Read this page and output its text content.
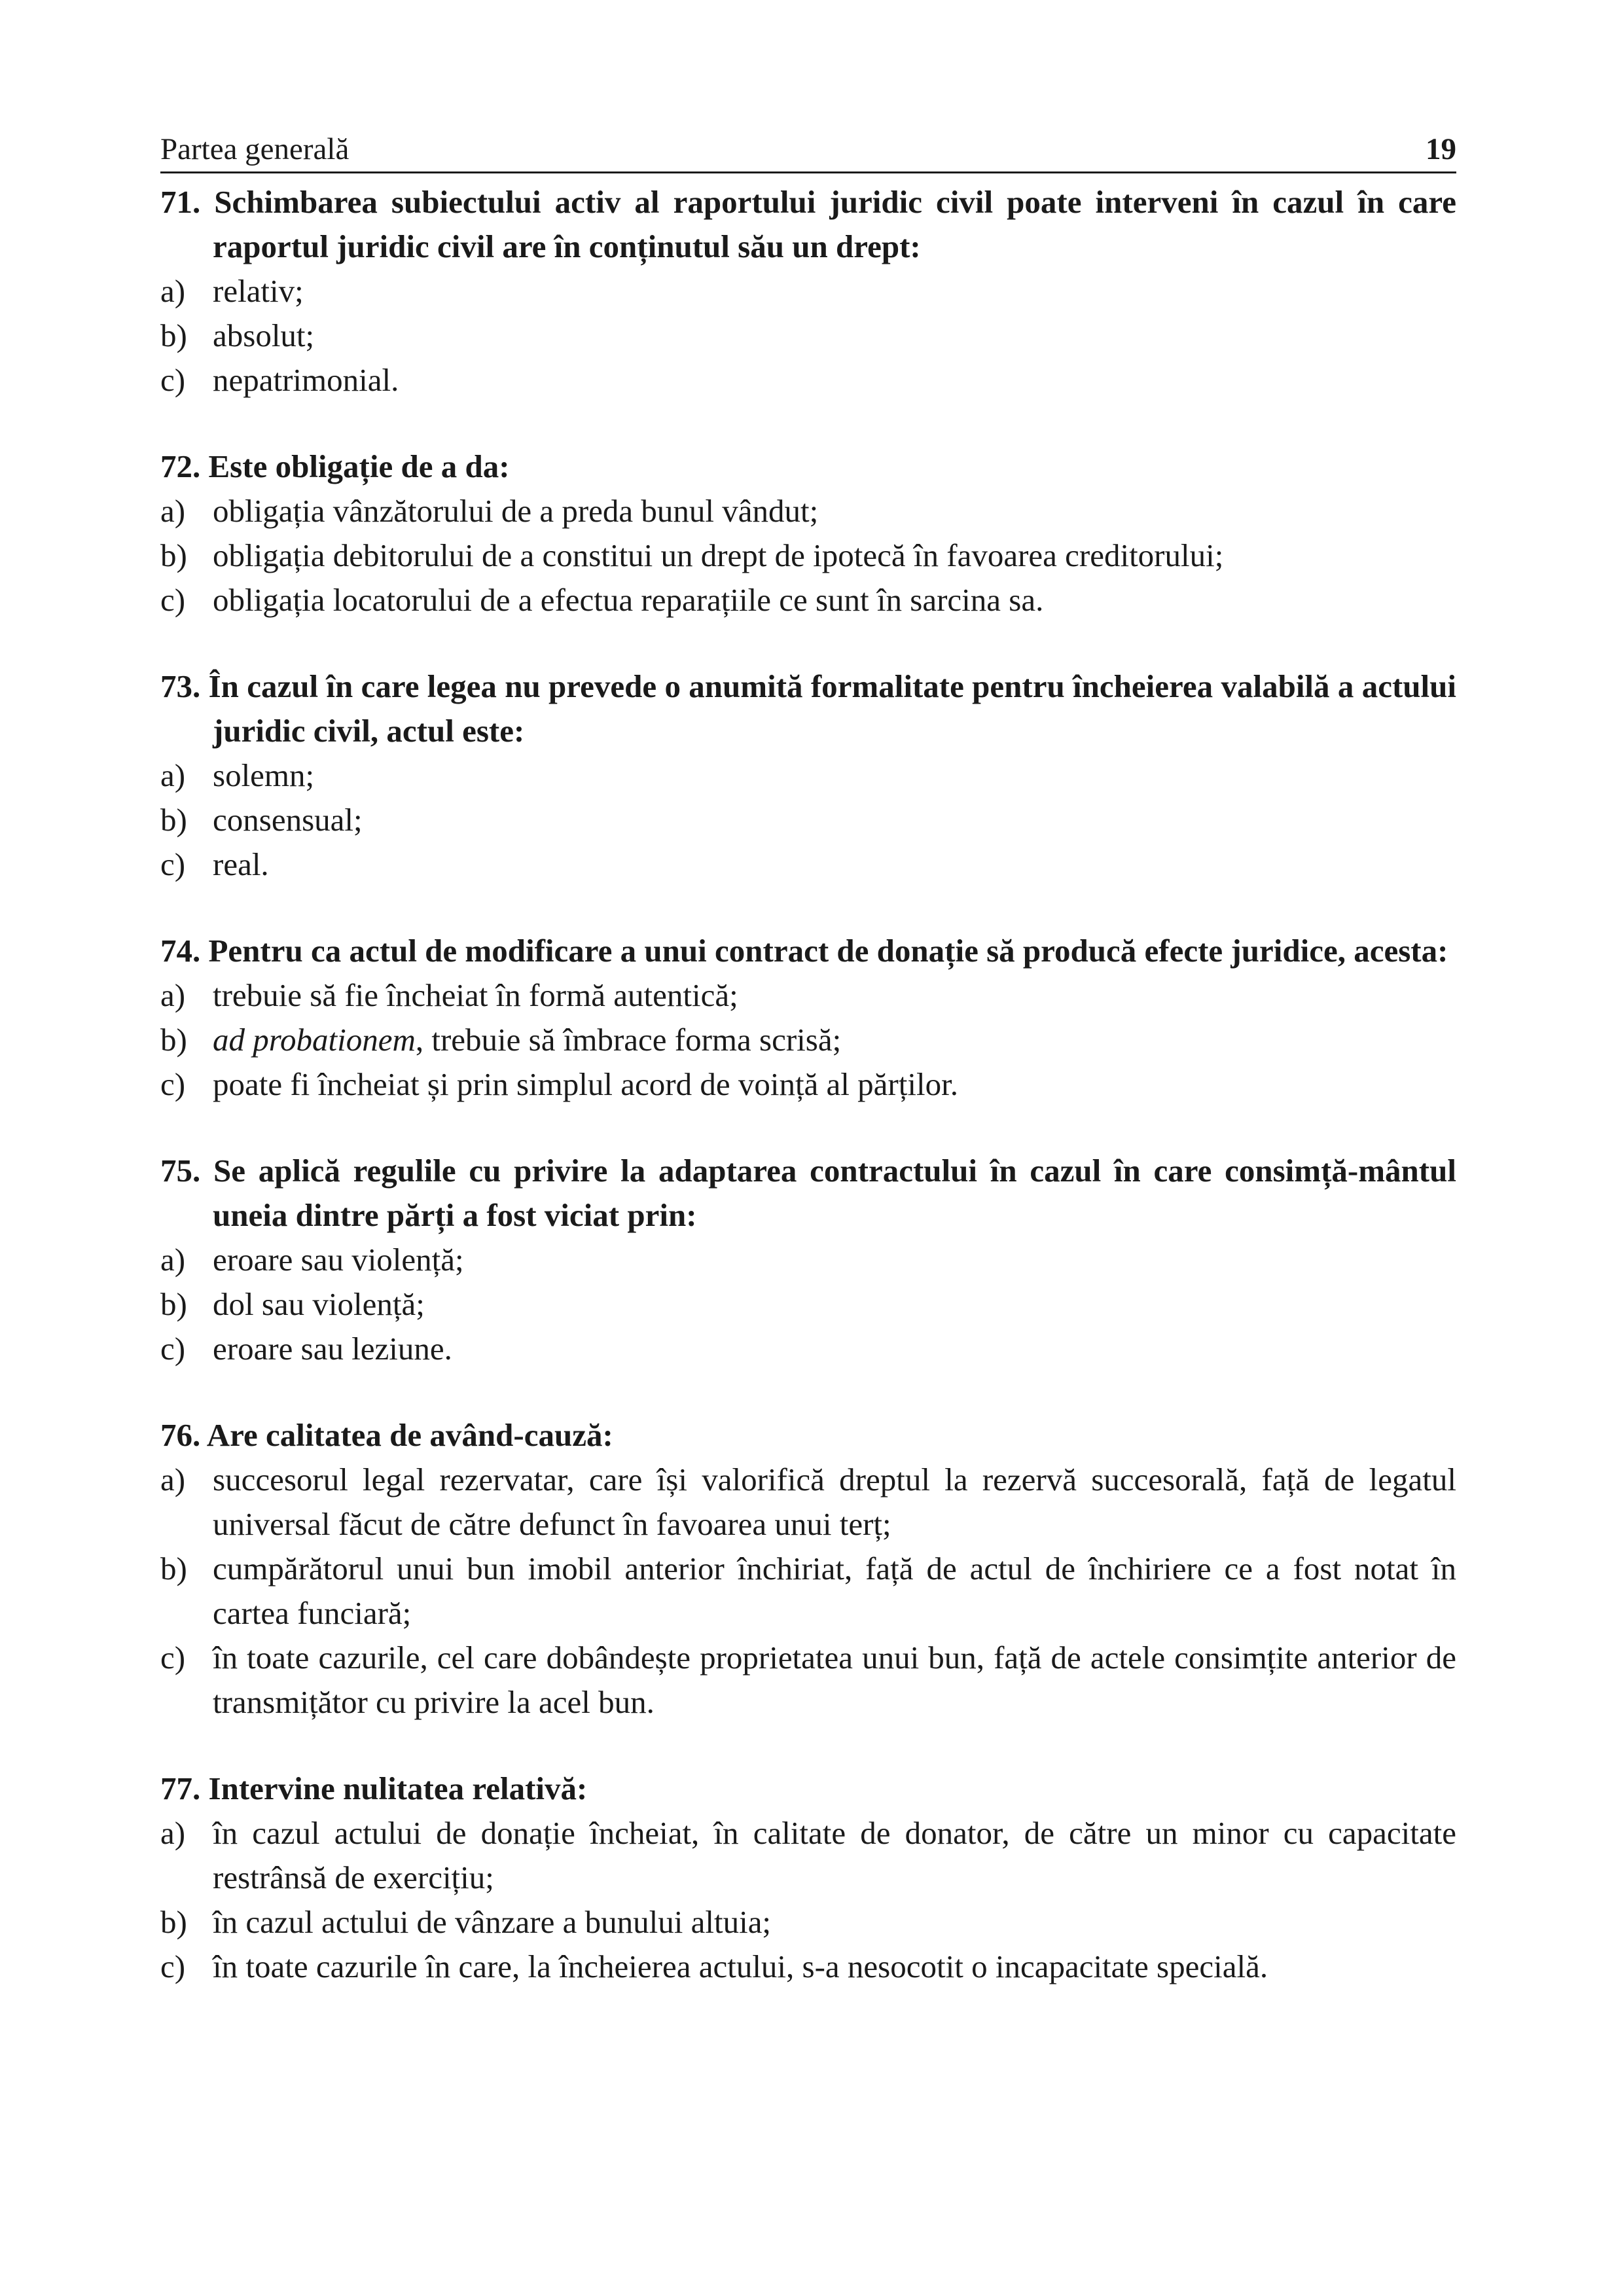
Partea generală	19
71. Schimbarea subiectului activ al raportului juridic civil poate interveni în cazul în care raportul juridic civil are în conținutul său un drept:
a) relativ;
b) absolut;
c) nepatrimonial.
72. Este obligație de a da:
a) obligația vânzătorului de a preda bunul vândut;
b) obligația debitorului de a constitui un drept de ipotecă în favoarea creditorului;
c) obligația locatorului de a efectua reparațiile ce sunt în sarcina sa.
73. În cazul în care legea nu prevede o anumită formalitate pentru încheierea valabilă a actului juridic civil, actul este:
a) solemn;
b) consensual;
c) real.
74. Pentru ca actul de modificare a unui contract de donație să producă efecte juridice, acesta:
a) trebuie să fie încheiat în formă autentică;
b) ad probationem, trebuie să îmbrace forma scrisă;
c) poate fi încheiat și prin simplul acord de voință al părților.
75. Se aplică regulile cu privire la adaptarea contractului în cazul în care consimță-mântul uneia dintre părți a fost viciat prin:
a) eroare sau violență;
b) dol sau violență;
c) eroare sau leziune.
76. Are calitatea de având-cauză:
a) succesorul legal rezervatar, care își valorifică dreptul la rezervă succesorală, față de legatul universal făcut de către defunct în favoarea unui terț;
b) cumpărătorul unui bun imobil anterior închiriat, față de actul de închiriere ce a fost notat în cartea funciară;
c) în toate cazurile, cel care dobândește proprietatea unui bun, față de actele consimțite anterior de transmițător cu privire la acel bun.
77. Intervine nulitatea relativă:
a) în cazul actului de donație încheiat, în calitate de donator, de către un minor cu capacitate restrânsă de exercițiu;
b) în cazul actului de vânzare a bunului altuia;
c) în toate cazurile în care, la încheierea actului, s-a nesocotit o incapacitate specială.
